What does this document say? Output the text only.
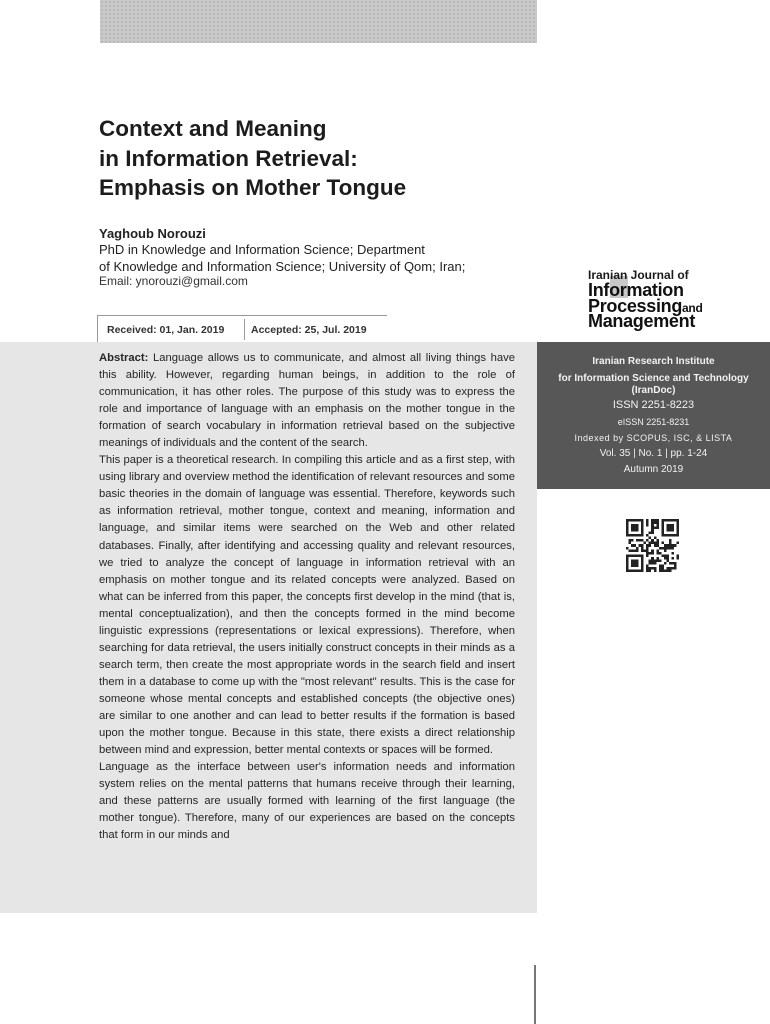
Context and Meaning
in Information Retrieval:
Emphasis on Mother Tongue
Yaghoub Norouzi
PhD in Knowledge and Information Science; Department
of Knowledge and Information Science; University of Qom; Iran;
Email: ynorouzi@gmail.com
Received: 01, Jan. 2019	Accepted: 25, Jul. 2019
Abstract: Language allows us to communicate, and almost all living things have this ability. However, regarding human beings, in addition to the role of communication, it has other roles. The purpose of this study was to express the role and importance of language with an emphasis on the mother tongue in the formation of search vocabulary in information retrieval based on the subjective meanings of individuals and the content of the search.
This paper is a theoretical research. In compiling this article and as a first step, with using library and overview method the identification of relevant resources and some basic theories in the domain of language was essential. Therefore, keywords such as information retrieval, mother tongue, context and meaning, information and language, and similar items were searched on the Web and other related databases. Finally, after identifying and accessing quality and relevant resources, we tried to analyze the concept of language in information retrieval with an emphasis on mother tongue and its related concepts were analyzed. Based on what can be inferred from this paper, the concepts first develop in the mind (that is, mental conceptualization), and then the concepts formed in the mind become linguistic expressions (representations or lexical expressions). Therefore, when searching for data retrieval, the users initially construct concepts in their minds as a search term, then create the most appropriate words in the search field and insert them in a database to come up with the "most relevant" results. This is the case for someone whose mental concepts and established concepts (the objective ones) are similar to one another and can lead to better results if the formation is based upon the mother tongue. Because in this state, there exists a direct relationship between mind and expression, better mental contexts or spaces will be formed.
Language as the interface between user's information needs and information system relies on the mental patterns that humans receive through their learning, and these patterns are usually formed with learning of the first language (the mother tongue). Therefore, many of our experiences are based on the concepts that form in our minds and
Iranian Journal of
Information
Processingand
Management
Iranian Research Institute
for Information Science and Technology
(IranDoc)
ISSN 2251-8223
eISSN 2251-8231
Indexed by SCOPUS, ISC, & LISTA
Vol. 35 | No. 1 | pp. 1-24
Autumn 2019
